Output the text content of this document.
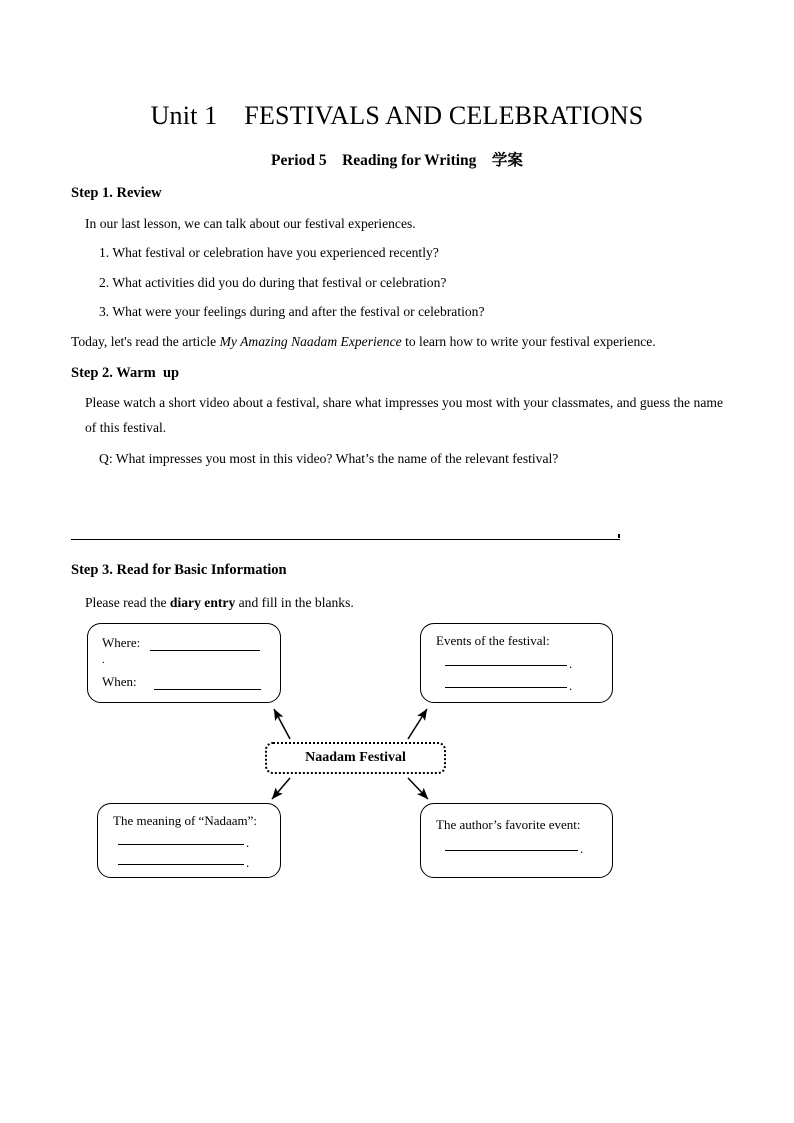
Unit 1    FESTIVALS AND CELEBRATIONS
Period 5    Reading for Writing    学案
Step 1. Review

In our last lesson, we can talk about our festival experiences.

1. What festival or celebration have you experienced recently?

2. What activities did you do during that festival or celebration?

3. What were your feelings during and after the festival or celebration?

Today, let's read the article My Amazing Naadam Experience to learn how to write your festival experience.

Step 2. Warm  up

Please watch a short video about a festival, share what impresses you most with your classmates, and guess the name of this festival.

Q: What impresses you most in this video? What’s the name of the relevant festival?

Step 3. Read for Basic Information

Please read the diary entry and fill in the blanks.

Where:
.
When:
Events of the festival:
.
.
Naadam Festival
The meaning of “Nadaam”:
.
.
The author’s favorite event:
.
